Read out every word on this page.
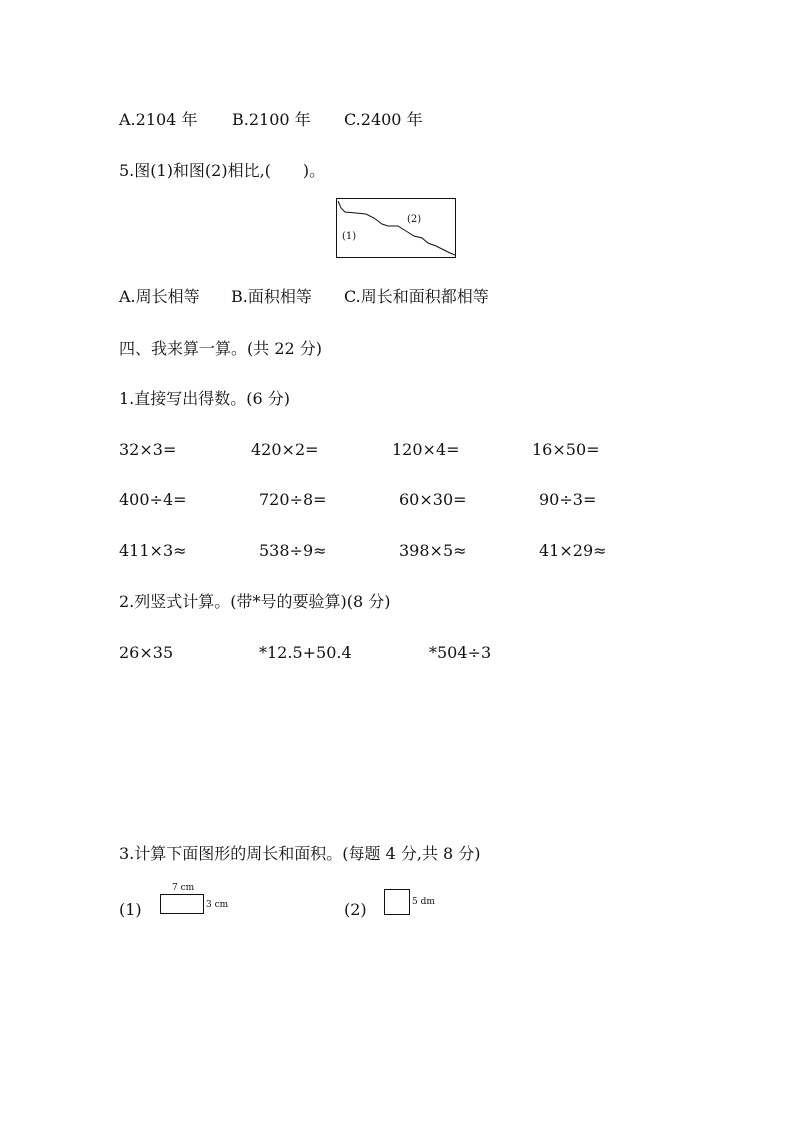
A.2104 年 B.2100 年 C.2400 年
5.图(1)和图(2)相比,(　　)。
(1)
(2)
A.周长相等 B.面积相等 C.周长和面积都相等
四、我来算一算。(共 22 分)
1.直接写出得数。(6 分)
32×3=	420×2=	120×4=	16×50=
400÷4=	720÷8=	60×30=	90÷3=
411×3≈	538÷9≈	398×5≈	41×29≈
2.列竖式计算。(带*号的要验算)(8 分)
26×35	*12.5+50.4	*504÷3
3.计算下面图形的周长和面积。(每题 4 分,共 8 分)
(1)
7 cm
3 cm	(2)	5 dm
